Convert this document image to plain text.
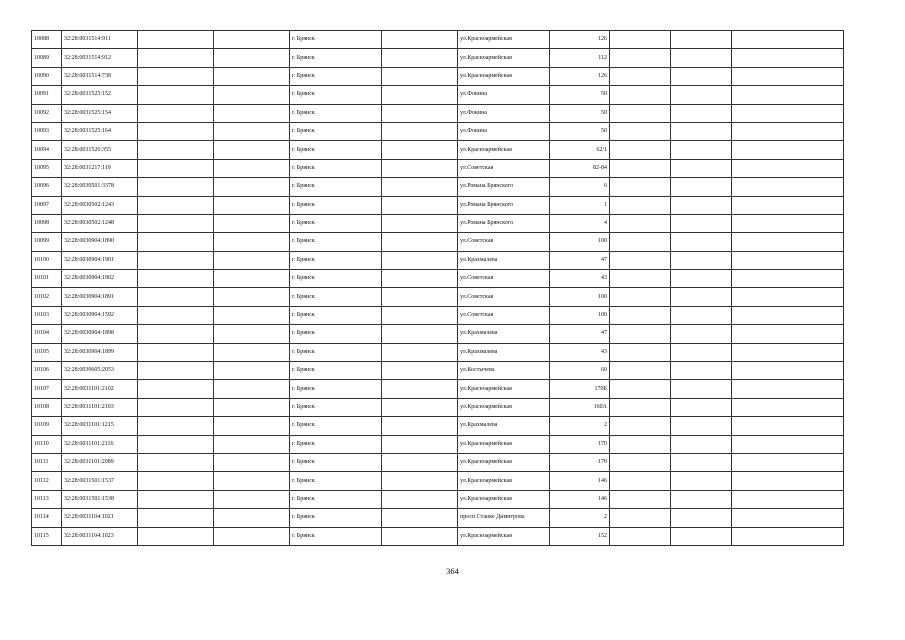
10088	32:28:0031514:911			г. Брянск		ул.Красноармейская	126			
10089	32:28:0031514:912			г. Брянск		ул.Красноармейская	112			
10090	32:28:0031514:738			г. Брянск		ул.Красноармейская	126			
10091	32:28:0031525:152			г. Брянск		ул.Фокина	50			
10092	32:28:0031525:154			г. Брянск		ул.Фокина	50			
10093	32:28:0031525:164			г. Брянск		ул.Фокина	50			
10094	32:28:0031526:355			г. Брянск		ул.Красноармейская	62/1			
10095	32:28:0031217:119			г. Брянск		ул.Советская	82-84			
10096	32:28:0030501:3378			г. Брянск		ул.Романа Брянского	6			
10097	32:28:0030502:1243			г. Брянск		ул.Романа Брянского	1			
10098	32:28:0030502:1248			г. Брянск		ул.Романа Брянского	4			
10099	32:28:0030904:1890			г. Брянск		ул.Советская	100			
10100	32:28:0030904:1901			г. Брянск		ул.Крахмалева	47			
10101	32:28:0030904:1902			г. Брянск		ул.Советская	43			
10102	32:28:0030904:1891			г. Брянск		ул.Советская	100			
10103	32:28:0030904:1592			г. Брянск		ул.Советская	100			
10104	32:28:0030904:1898			г. Брянск		ул.Крахмалева	47			
10105	32:28:0030904:1899			г. Брянск		ул.Крахмалева	43			
10106	32:28:0030605:2053			г. Брянск		ул.Костычева	60			
10107	32:28:0031101:2102			г. Брянск		ул.Красноармейская	170Б			
10108	32:28:0031101:2103			г. Брянск		ул.Красноармейская	160А			
10109	32:28:0031101:1215			г. Брянск		ул.Крахмалева	2			
10110	32:28:0031101:2116			г. Брянск		ул.Красноармейская	170			
10111	32:28:0031101:2089			г. Брянск		ул.Красноармейская	170			
10112	32:28:0031501:1537			г. Брянск		ул.Красноармейская	146			
10113	32:28:0031501:1538			г. Брянск		ул.Красноармейская	146			
10114	32:28:0031104:1021			г. Брянск		просп.Станке Димитрова	2			
10115	32:28:0031104:1023			г. Брянск		ул.Красноармейская	152			
364
